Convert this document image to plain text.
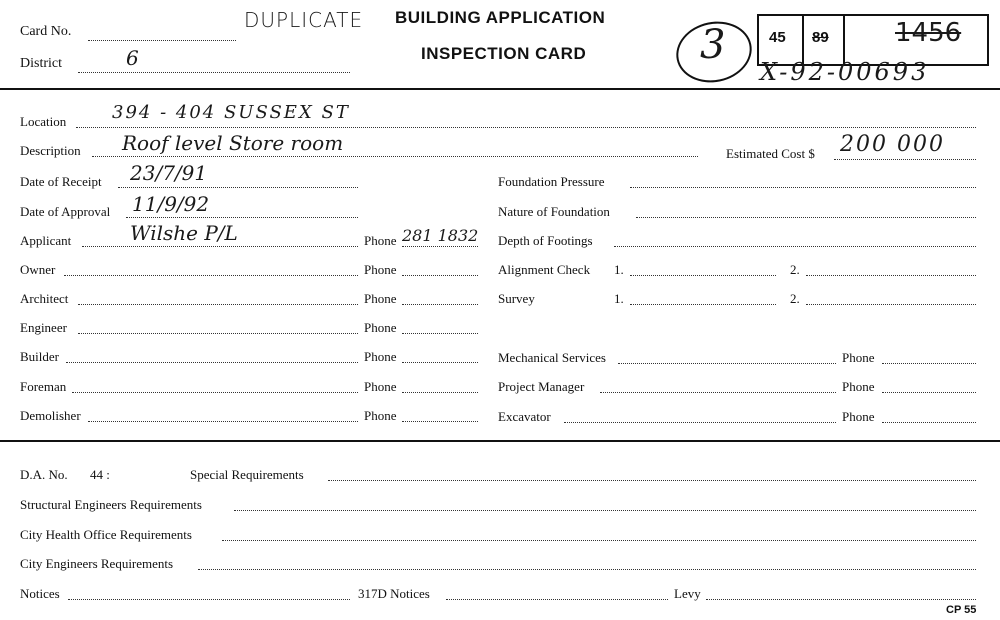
Card No.
District	6
DUPLICATE BUILDING APPLICATION
INSPECTION CARD	3	45 89	1456
X-92-00693
Location	394 - 404 SUSSEX ST
Description Roof level Store room	Estimated Cost $ 200 000
Date of Receipt 23/7/91
Date of Approval 11/9/92
Applicant	Wilshe P/L	Phone 281 1832
Foundation Pressure
Nature of Foundation
Depth of Footings
Alignment Check 1.	2.
Survey	1.	2.
Owner	Phone
Architect	Phone
Engineer	Phone
Builder	Phone	Mechanical Services	Phone
Foreman	Phone	Project Manager	Phone
Demolisher	Phone	Excavator	Phone
D.A. No. 44 :	Special Requirements
Structural Engineers Requirements
City Health Office Requirements
City Engineers Requirements
Notices	317D Notices	Levy
CP 55
